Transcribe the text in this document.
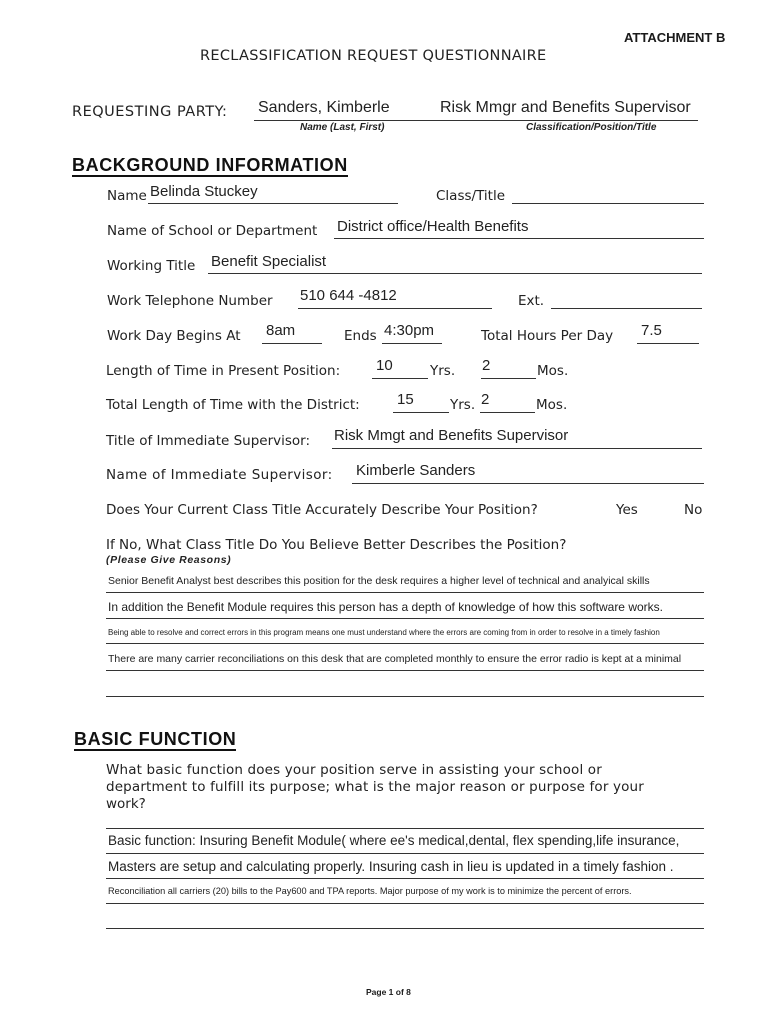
ATTACHMENT B
RECLASSIFICATION REQUEST QUESTIONNAIRE
REQUESTING PARTY: Sanders, Kimberle	Risk Mmgr and Benefits Supervisor
Name (Last, First)	Classification/Position/Title
BACKGROUND INFORMATION
Name Belinda Stuckey	Class/Title
Name of School or Department District office/Health Benefits
Working Title Benefit Specialist
Work Telephone Number 510 644 -4812	Ext.
Work Day Begins At 8am	Ends 4:30pm	Total Hours Per Day 7.5
Length of Time in Present Position: 10	Yrs. 2	Mos.
Total Length of Time with the District: 15	Yrs. 2	Mos.
Title of Immediate Supervisor: Risk Mmgt and Benefits Supervisor
Name of Immediate Supervisor: Kimberle Sanders
Does Your Current Class Title Accurately Describe Your Position?	Yes	No
If No, What Class Title Do You Believe Better Describes the Position?
(Please Give Reasons)
Senior Benefit Analyst best describes this position for the desk requires a higher level of technical and analyical skills
In addition the Benefit Module requires this person has a depth of knowledge of how this software works.
Being able to resolve and correct errors in this program means one must understand where the errors are coming from in order to resolve in a timely fashion
There are many carrier reconciliations on this desk that are completed monthly to ensure the error radio is kept at a minimal
BASIC FUNCTION
What basic function does your position serve in assisting your school or
department to fulfill its purpose; what is the major reason or purpose for your
work?
Basic function: Insuring Benefit Module( where ee's medical,dental, flex spending,life insurance,
Masters are setup and calculating properly. Insuring cash in lieu is updated in a timely fashion .
Reconciliation all carriers (20) bills to the Pay600 and TPA reports. Major purpose of my work is to minimize the percent of errors.
Page 1 of 8
